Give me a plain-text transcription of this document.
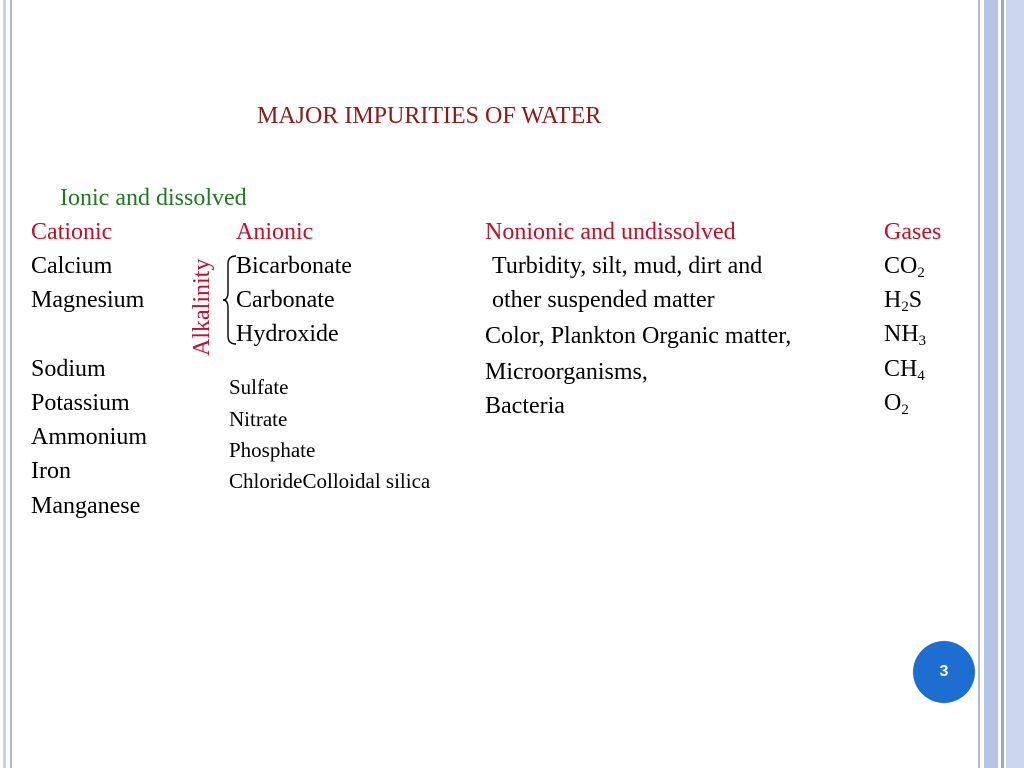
MAJOR IMPURITIES OF WATER
Ionic and dissolved
Cationic
Calcium
Magnesium
Sodium
Potassium
Ammonium
Iron
Manganese
Anionic
Alkalinity Bicarbonate
Carbonate
Hydroxide
Sulfate
Nitrate
Phosphate
ChlorideColloidal silica
Nonionic and undissolved
Turbidity, silt, mud, dirt and
other suspended matter
Color, Plankton Organic matter,
Microorganisms,
Bacteria
Gases
$CO_2$
$H_2S$
$NH_3$
$CH_4$
$O_2$
3
